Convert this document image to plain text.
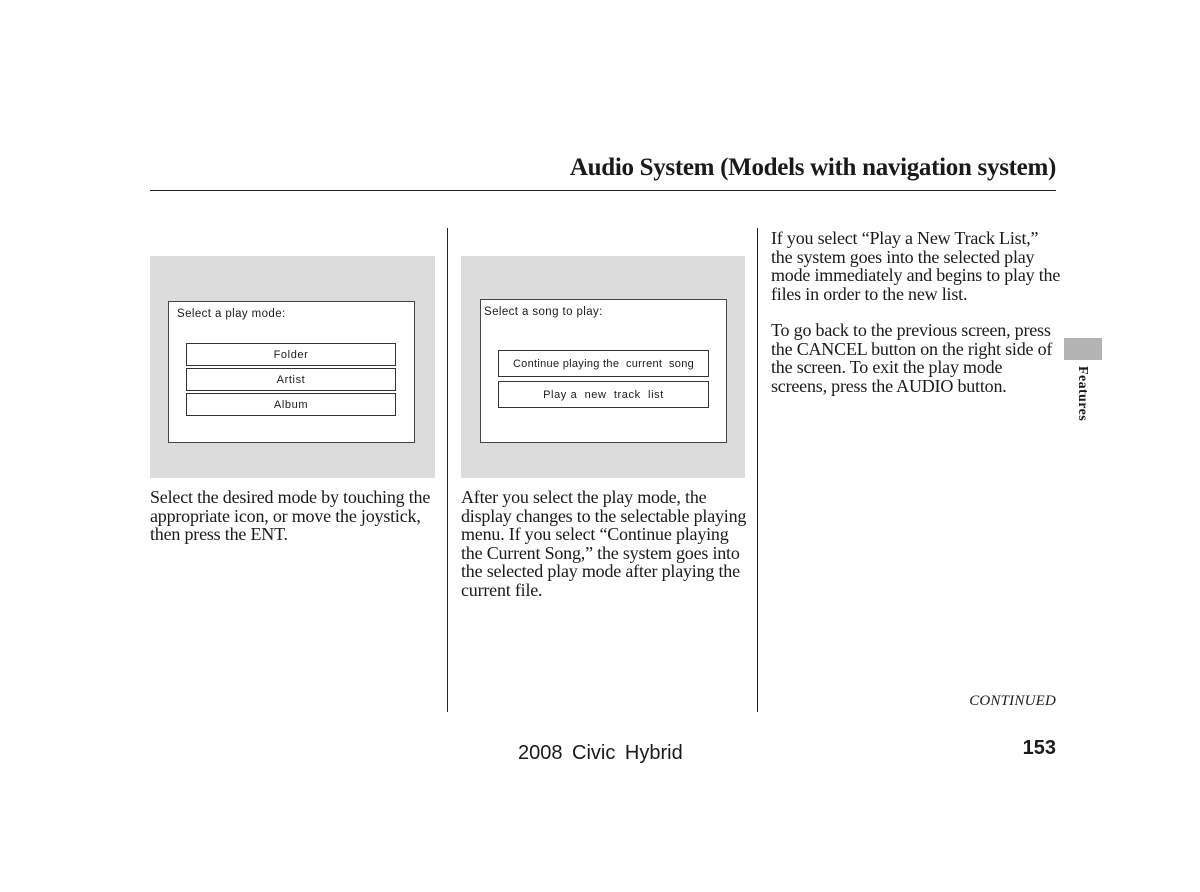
Audio System (Models with navigation system)
Select a play mode:
Folder
Artist
Album
Select a song to play:
Continue playing the  current  song
Play a  new  track  list

Select the desired mode by touching the appropriate icon, or move the joystick, then press the ENT.

After you select the play mode, the display changes to the selectable playing menu. If you select “Continue playing the Current Song,” the system goes into the selected play mode after playing the current file.

If you select “Play a New Track List,” the system goes into the selected play mode immediately and begins to play the files in order to the new list.

To go back to the previous screen, press the CANCEL button on the right side of the screen. To exit the play mode screens, press the AUDIO button.	Features
CONTINUED
2008 Civic Hybrid	153
